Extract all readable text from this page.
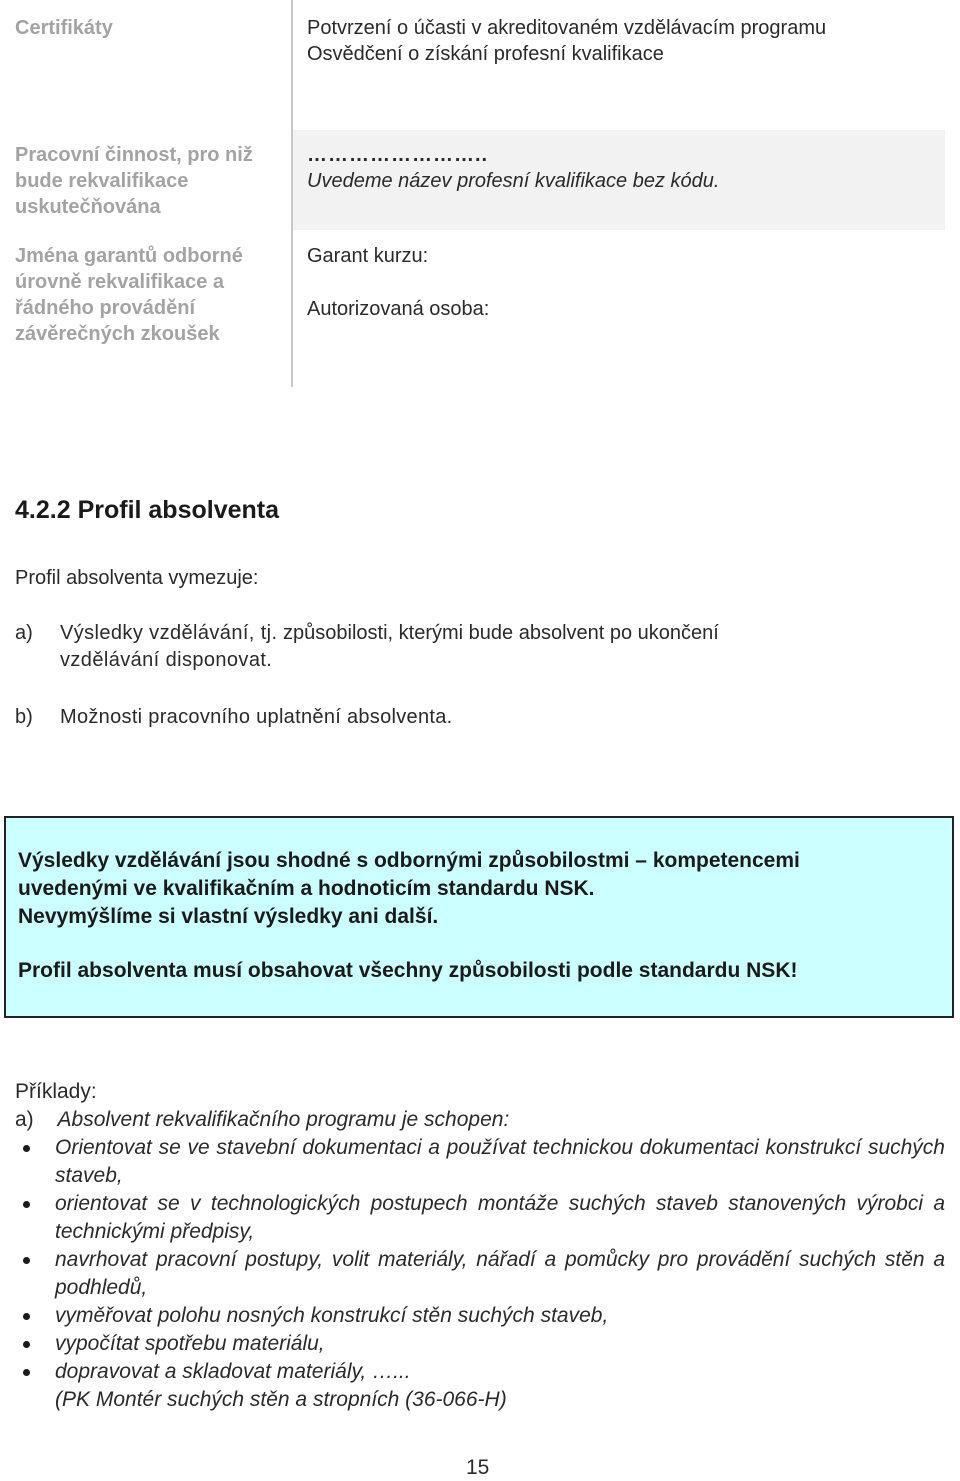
Certifikáty	Potvrzení o účasti v akreditovaném vzdělávacím programu
Osvědčení o získání profesní kvalifikace
Pracovní činnost, pro niž bude rekvalifikace uskutečňována
……………………..
Uvedeme název profesní kvalifikace bez kódu.
Jména garantů odborné úrovně rekvalifikace a řádného provádění závěrečných zkoušek
Garant kurzu:
Autorizovaná osoba:
4.2.2 Profil absolventa
Profil absolventa vymezuje:
a) Výsledky vzdělávání, tj. způsobilosti, kterými bude absolvent po ukončení
vzdělávání disponovat.
b) Možnosti pracovního uplatnění absolventa.
Výsledky vzdělávání jsou shodné s odbornými způsobilostmi – kompetencemi
uvedenými ve kvalifikačním a hodnoticím standardu NSK.
Nevymýšlíme si vlastní výsledky ani další.
Profil absolventa musí obsahovat všechny způsobilosti podle standardu NSK!
Příklady:
a) Absolvent rekvalifikačního programu je schopen:
Orientovat se ve stavební dokumentaci a používat technickou dokumentaci konstrukcí suchých staveb,
orientovat se v technologických postupech montáže suchých staveb stanovených výrobci a technickými předpisy,
navrhovat pracovní postupy, volit materiály, nářadí a pomůcky pro provádění suchých stěn a podhledů,
vyměřovat polohu nosných konstrukcí stěn suchých staveb,
vypočítat spotřebu materiálu,
dopravovat a skladovat materiály, …...
(PK Montér suchých stěn a stropních (36-066-H)
15
